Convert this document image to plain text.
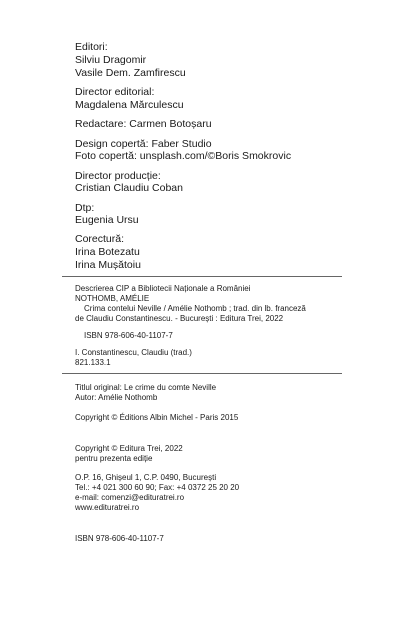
Editori:
Silviu Dragomir
Vasile Dem. Zamfirescu
Director editorial:
Magdalena Mărculescu
Redactare: Carmen Botoșaru
Design copertă: Faber Studio
Foto copertă: unsplash.com/©Boris Smokrovic
Director producție:
Cristian Claudiu Coban
Dtp:
Eugenia Ursu
Corectură:
Irina Botezatu
Irina Mușătoiu
Descrierea CIP a Bibliotecii Naționale a României
NOTHOMB, AMÉLIE
Crima contelui Neville / Amélie Nothomb ; trad. din lb. franceză
de Claudiu Constantinescu. - București : Editura Trei, 2022
ISBN 978-606-40-1107-7
I. Constantinescu, Claudiu (trad.)
821.133.1
Titlul original: Le crime du comte Neville
Autor: Amélie Nothomb
Copyright © Éditions Albin Michel - Paris 2015
Copyright © Editura Trei, 2022
pentru prezenta ediție
O.P. 16, Ghișeul 1, C.P. 0490, București
Tel.: +4 021 300 60 90; Fax: +4 0372 25 20 20
e-mail: comenzi@edituratrei.ro
www.edituratrei.ro
ISBN 978-606-40-1107-7
